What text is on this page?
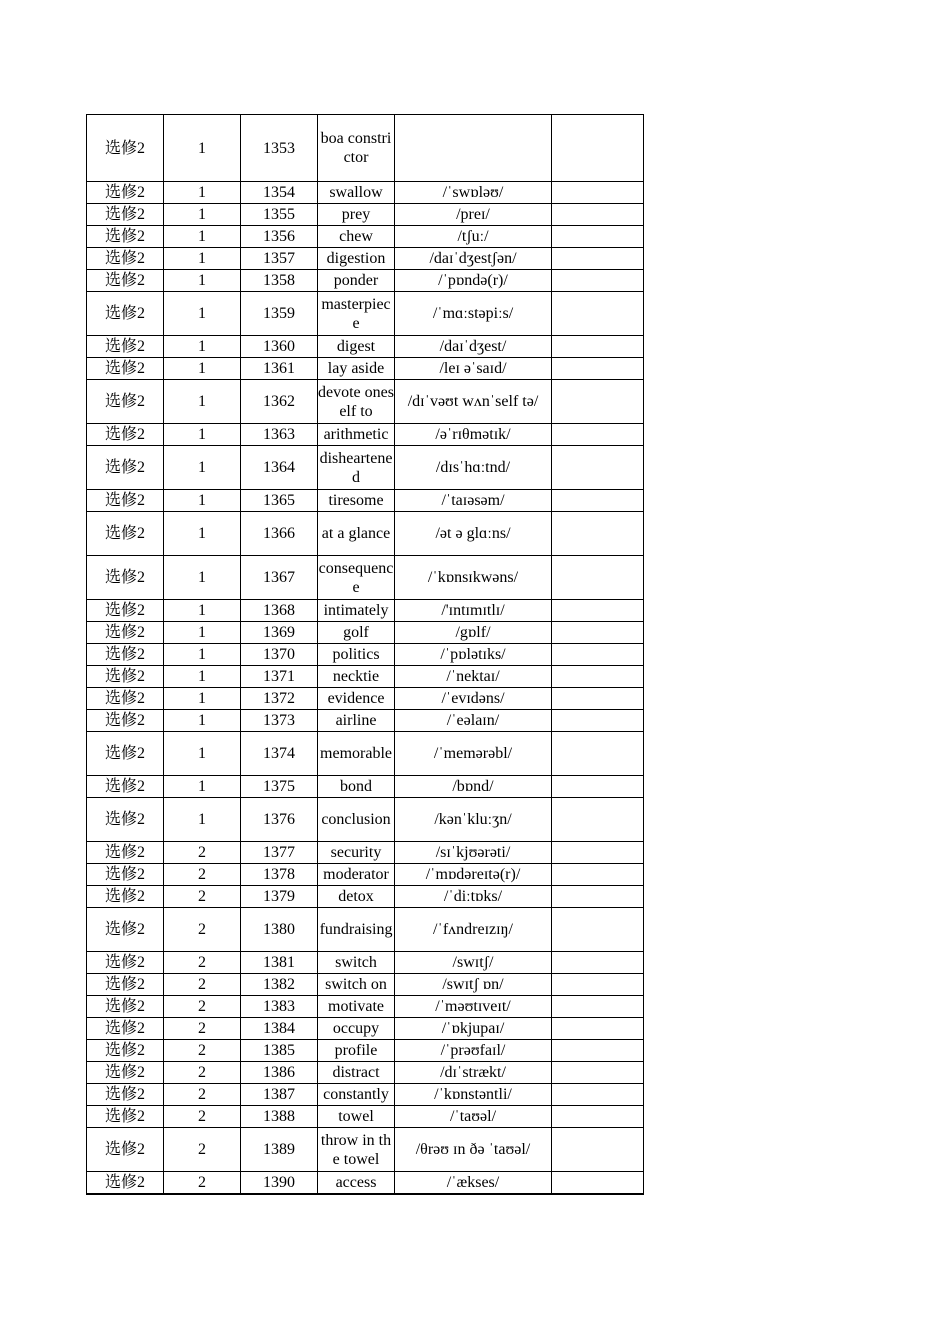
选修2	1	1353	boa constrictor		
选修2	1	1354	swallow	/ˈswɒləʊ/	
选修2	1	1355	prey	/preɪ/	
选修2	1	1356	chew	/tʃuː/	
选修2	1	1357	digestion	/daɪˈdʒestʃən/	
选修2	1	1358	ponder	/ˈpɒndə(r)/	
选修2	1	1359	masterpiece	/ˈmɑːstəpiːs/	
选修2	1	1360	digest	/daɪˈdʒest/	
选修2	1	1361	lay aside	/leɪ əˈsaɪd/	
选修2	1	1362	devote oneself to	/dɪˈvəʊt wʌnˈself tə/	
选修2	1	1363	arithmetic	/əˈrɪθmətɪk/	
选修2	1	1364	disheartened	/dɪsˈhɑːtnd/	
选修2	1	1365	tiresome	/ˈtaɪəsəm/	
选修2	1	1366	at a glance	/ət ə glɑːns/	
选修2	1	1367	consequence	/ˈkɒnsɪkwəns/	
选修2	1	1368	intimately	/'ɪntɪmɪtlɪ/	
选修2	1	1369	golf	/gɒlf/	
选修2	1	1370	politics	/ˈpɒlətɪks/	
选修2	1	1371	necktie	/ˈnektaɪ/	
选修2	1	1372	evidence	/ˈevɪdəns/	
选修2	1	1373	airline	/ˈeəlaɪn/	
选修2	1	1374	memorable	/ˈmemərəbl/	
选修2	1	1375	bond	/bɒnd/	
选修2	1	1376	conclusion	/kənˈkluːʒn/	
选修2	2	1377	security	/sɪˈkjʊərəti/	
选修2	2	1378	moderator	/ˈmɒdəreɪtə(r)/	
选修2	2	1379	detox	/ˈdiːtɒks/	
选修2	2	1380	fundraising	/ˈfʌndreɪzɪŋ/	
选修2	2	1381	switch	/swɪtʃ/	
选修2	2	1382	switch on	/swɪtʃ ɒn/	
选修2	2	1383	motivate	/ˈməʊtɪveɪt/	
选修2	2	1384	occupy	/ˈɒkjupaɪ/	
选修2	2	1385	profile	/ˈprəʊfaɪl/	
选修2	2	1386	distract	/dɪˈstrækt/	
选修2	2	1387	constantly	/ˈkɒnstəntli/	
选修2	2	1388	towel	/ˈtaʊəl/	
选修2	2	1389	throw in the towel	/θrəʊ ɪn ðə ˈtaʊəl/	
选修2	2	1390	access	/ˈækses/	
